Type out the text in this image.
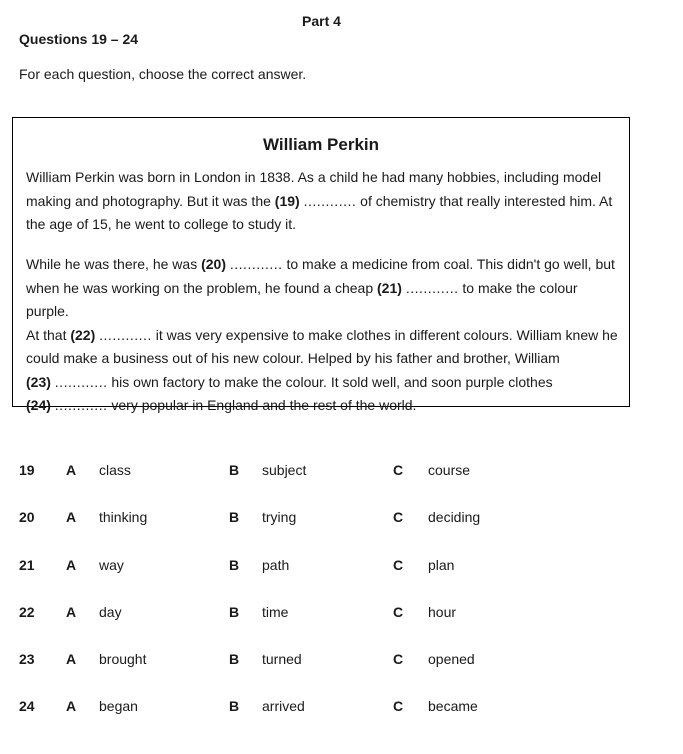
Part 4
Questions 19 – 24
For each question, choose the correct answer.
William Perkin
William Perkin was born in London in 1838. As a child he had many hobbies, including model
making and photography. But it was the (19) ............ of chemistry that really interested him. At
the age of 15, he went to college to study it.
While he was there, he was (20) ............ to make a medicine from coal. This didn't go well, but
when he was working on the problem, he found a cheap (21) ............ to make the colour purple.
At that (22) ............ it was very expensive to make clothes in different colours. William knew he
could make a business out of his new colour. Helped by his father and brother, William
(23) ............ his own factory to make the colour. It sold well, and soon purple clothes
(24) ............ very popular in England and the rest of the world.
19 A class	B subject	C course
20 A thinking	B trying	C deciding
21 A way	B path	C plan
22 A day	B time	C hour
23 A brought	B turned	C opened
24 A began	B arrived	C became
